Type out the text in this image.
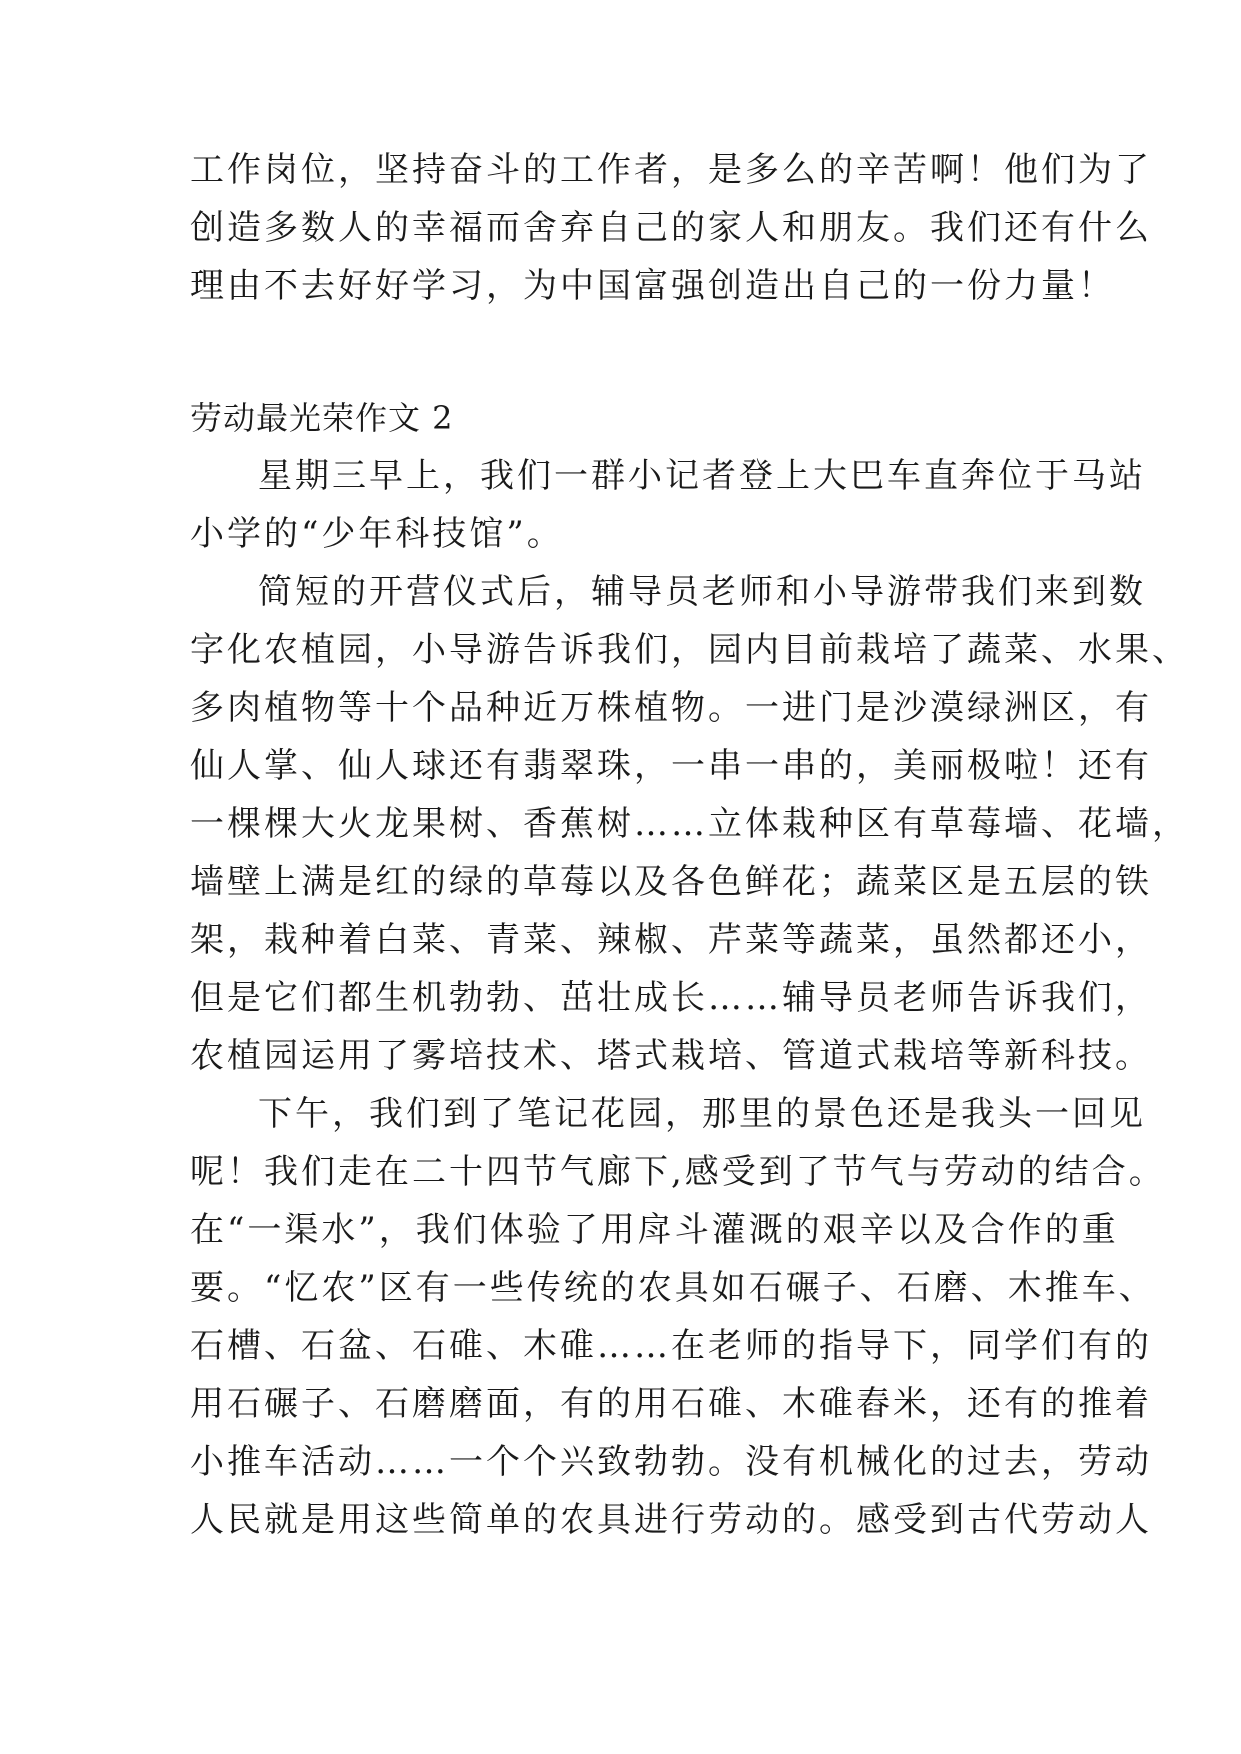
工作岗位，坚持奋斗的工作者，是多么的辛苦啊！他们为了
创造多数人的幸福而舍弃自己的家人和朋友。我们还有什么
理由不去好好学习，为中国富强创造出自己的一份力量！
劳动最光荣作文 2
星期三早上，我们一群小记者登上大巴车直奔位于马站
小学的“少年科技馆”。
简短的开营仪式后，辅导员老师和小导游带我们来到数
字化农植园，小导游告诉我们，园内目前栽培了蔬菜、水果、
多肉植物等十个品种近万株植物。一进门是沙漠绿洲区，有
仙人掌、仙人球还有翡翠珠，一串一串的，美丽极啦！还有
一棵棵大火龙果树、香蕉树……立体栽种区有草莓墙、花墙，
墙壁上满是红的绿的草莓以及各色鲜花；蔬菜区是五层的铁
架，栽种着白菜、青菜、辣椒、芹菜等蔬菜，虽然都还小，
但是它们都生机勃勃、茁壮成长……辅导员老师告诉我们，
农植园运用了雾培技术、塔式栽培、管道式栽培等新科技。
下午，我们到了笔记花园，那里的景色还是我头一回见
呢！我们走在二十四节气廊下,感受到了节气与劳动的结合。
在“一渠水”，我们体验了用戽斗灌溉的艰辛以及合作的重
要。“忆农”区有一些传统的农具如石碾子、石磨、木推车、
石槽、石盆、石碓、木碓……在老师的指导下，同学们有的
用石碾子、石磨磨面，有的用石碓、木碓舂米，还有的推着
小推车活动……一个个兴致勃勃。没有机械化的过去，劳动
人民就是用这些简单的农具进行劳动的。感受到古代劳动人
